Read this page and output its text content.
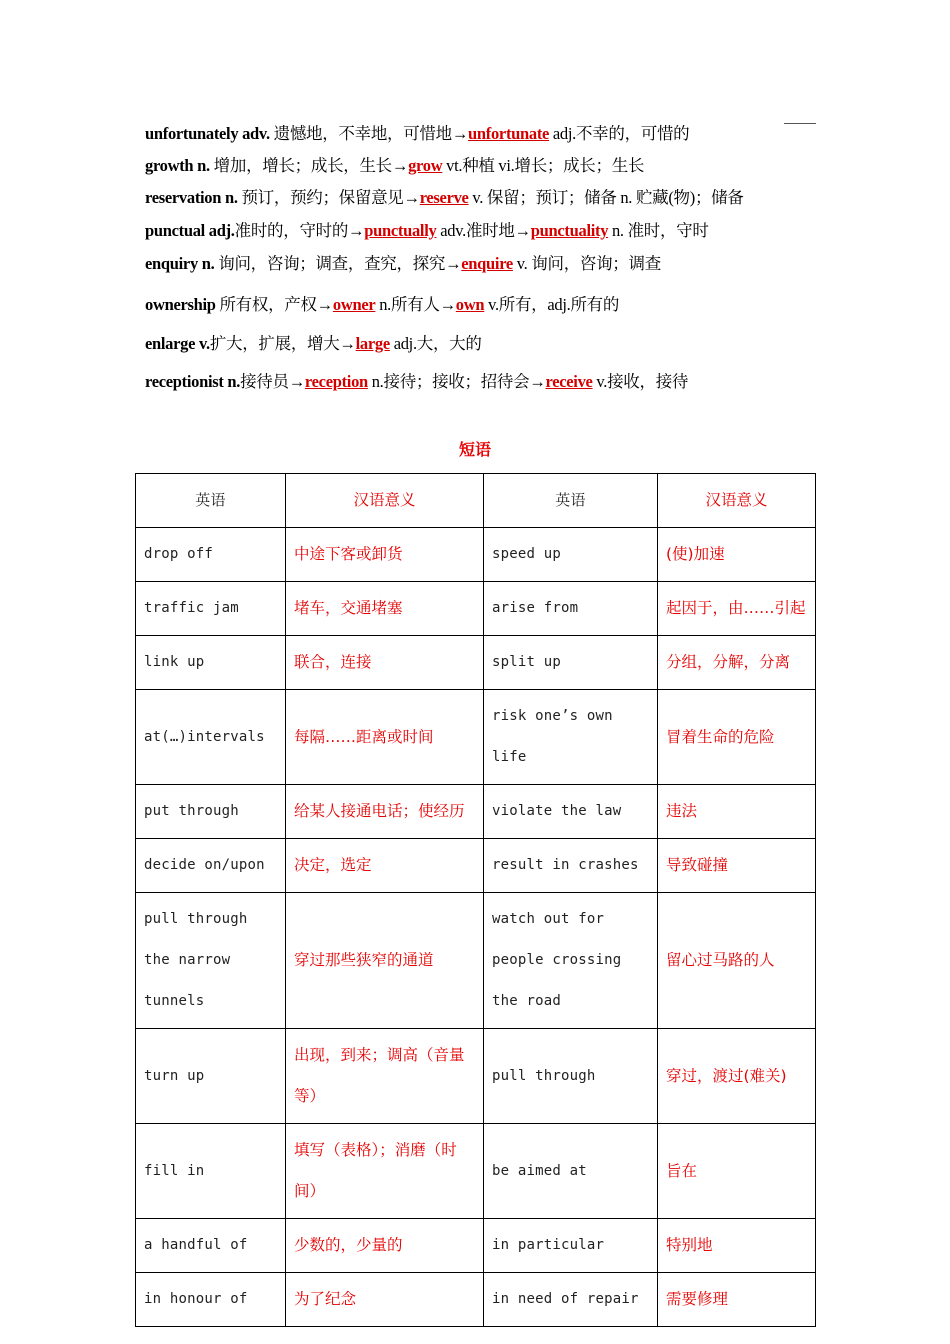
unfortunately adv. 遗憾地，不幸地，可惜地→unfortunate adj.不幸的，可惜的
growth n. 增加，增长；成长，生长→grow vt.种植 vi.增长；成长；生长
reservation n. 预订，预约；保留意见→reserve v. 保留；预订；储备 n. 贮藏(物)；储备
punctual adj.准时的，守时的→punctually adv.准时地→punctuality n. 准时，守时
enquiry n. 询问，咨询；调查，查究，探究→enquire v. 询问，咨询；调查
ownership 所有权，产权→owner n.所有人→own v.所有，adj.所有的
enlarge v.扩大，扩展，增大→large adj.大，大的
receptionist n.接待员→reception n.接待；接收；招待会→receive v.接收，接待
短语
英语	汉语意义	英语	汉语意义
drop off	中途下客或卸货	speed up	(使)加速
traffic jam	堵车，交通堵塞	arise from	起因于，由……引起
link up	联合，连接	split up	分组，分解，分离
at(…)intervals	每隔……距离或时间	risk one’s own life	冒着生命的危险
put through	给某人接通电话；使经历	violate the law	违法
decide on/upon	决定，选定	result in crashes	导致碰撞
pull through the narrow tunnels	穿过那些狭窄的通道	watch out for people crossing the road	留心过马路的人
turn up	出现，到来；调高（音量等）	pull through	穿过，渡过(难关)
fill in	填写（表格）；消磨（时间）	be aimed at	旨在
a handful of	少数的，少量的	in particular	特别地
in honour of	为了纪念	in need of repair	需要修理
